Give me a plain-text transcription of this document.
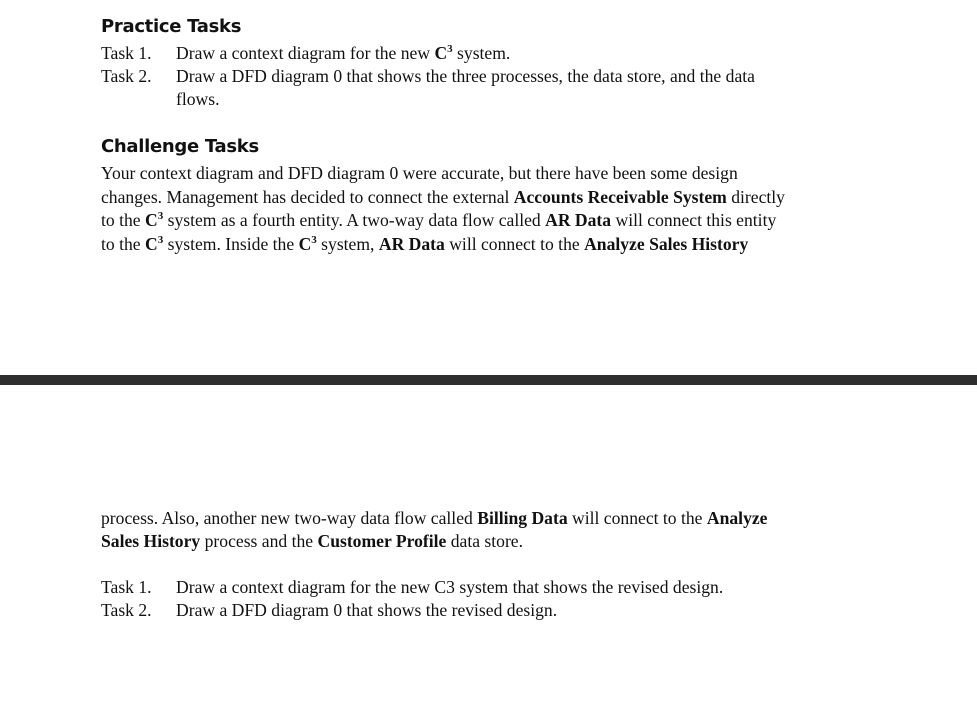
Practice Tasks
Task 1. Draw a context diagram for the new $C^3$ system.
Task 2. Draw a DFD diagram 0 that shows the three processes, the data store, and the data
flows.
Challenge Tasks
Your context diagram and DFD diagram 0 were accurate, but there have been some design
changes. Management has decided to connect the external Accounts Receivable System directly
to the $C^3$ system as a fourth entity. A two-way data flow called AR Data will connect this entity
to the $C^3$ system. Inside the $C^3$ system, AR Data will connect to the Analyze Sales History
process. Also, another new two-way data flow called Billing Data will connect to the Analyze
Sales History process and the Customer Profile data store.
Task 1. Draw a context diagram for the new C3 system that shows the revised design.
Task 2. Draw a DFD diagram 0 that shows the revised design.
